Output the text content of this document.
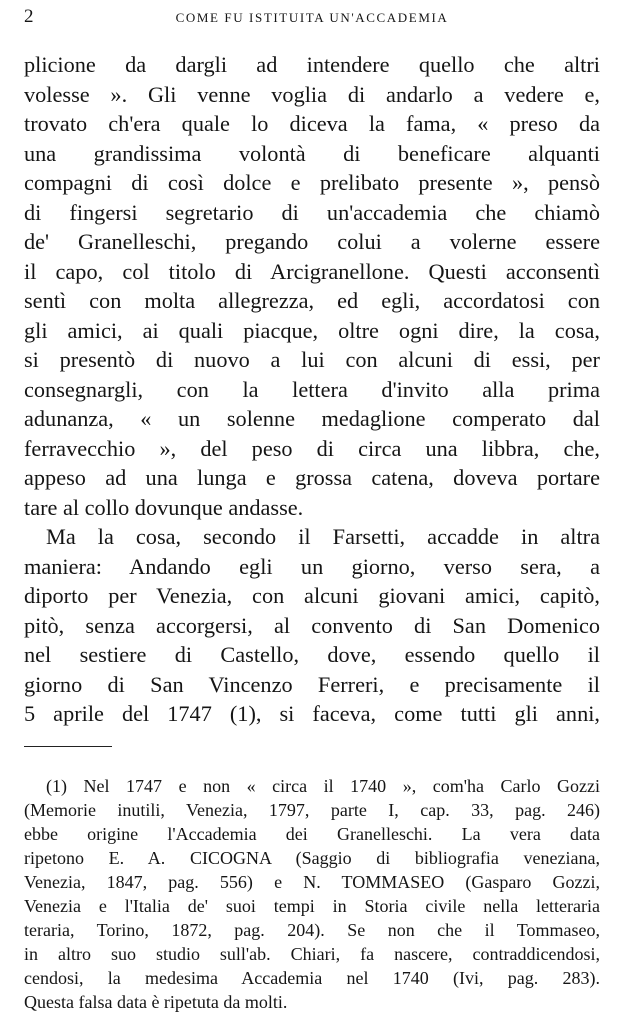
2	COME FU ISTITUITA UN'ACCADEMIA
plicione da dargli ad intendere quello che altri
volesse ». Gli venne voglia di andarlo a vedere e,
trovato ch'era quale lo diceva la fama, « preso da
una grandissima volontà di beneficare alquanti
compagni di così dolce e prelibato presente », pensò
di fingersi segretario di un'accademia che chiamò
de' Granelleschi, pregando colui a volerne essere
il capo, col titolo di Arcigranellone. Questi acconsentì
sentì con molta allegrezza, ed egli, accordatosi con
gli amici, ai quali piacque, oltre ogni dire, la cosa,
si presentò di nuovo a lui con alcuni di essi, per
consegnargli, con la lettera d'invito alla prima
adunanza, « un solenne medaglione comperato dal
ferravecchio », del peso di circa una libbra, che,
appeso ad una lunga e grossa catena, doveva portare
tare al collo dovunque andasse.
Ma la cosa, secondo il Farsetti, accadde in altra
maniera: Andando egli un giorno, verso sera, a
diporto per Venezia, con alcuni giovani amici, capitò,
pitò, senza accorgersi, al convento di San Domenico
nel sestiere di Castello, dove, essendo quello il
giorno di San Vincenzo Ferreri, e precisamente il
5 aprile del 1747 (1), si faceva, come tutti gli anni,
(1) Nel 1747 e non « circa il 1740 », com'ha Carlo Gozzi
(Memorie inutili, Venezia, 1797, parte I, cap. 33, pag. 246)
ebbe origine l'Accademia dei Granelleschi. La vera data
ripetono E. A. CICOGNA (Saggio di bibliografia veneziana,
Venezia, 1847, pag. 556) e N. TOMMASEO (Gasparo Gozzi,
Venezia e l'Italia de' suoi tempi in Storia civile nella letteraria
teraria, Torino, 1872, pag. 204). Se non che il Tommaseo,
in altro suo studio sull'ab. Chiari, fa nascere, contraddicendosi,
cendosi, la medesima Accademia nel 1740 (Ivi, pag. 283).
Questa falsa data è ripetuta da molti.
